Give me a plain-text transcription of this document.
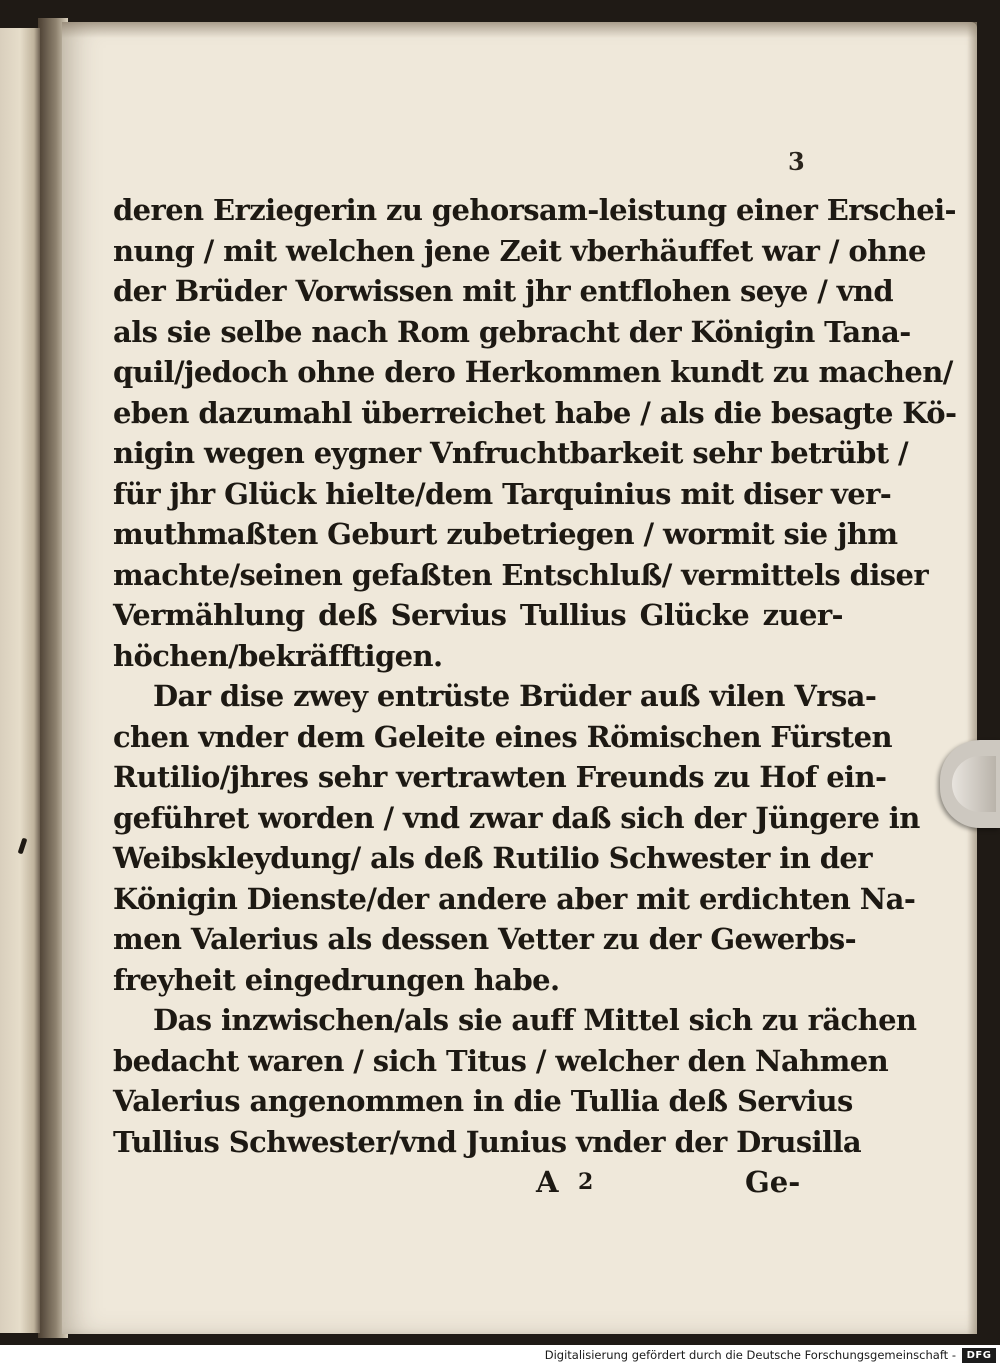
3
deren Erziegerin zu gehorsam-leistung einer Erschei-
nung / mit welchen jene Zeit vberhäuffet war / ohne
der Brüder Vorwissen mit jhr entflohen seye / vnd
als sie selbe nach Rom gebracht der Königin Tana-
quil/jedoch ohne dero Herkommen kundt zu machen/
eben dazumahl überreichet habe / als die besagte Kö-
nigin wegen eygner Vnfruchtbarkeit sehr betrübt /
für jhr Glück hielte/dem Tarquinius mit diser ver-
muthmaßten Geburt zubetriegen / wormit sie jhm
machte/seinen gefaßten Entschluß/ vermittels diser
Vermählung deß Servius Tullius Glücke zuer-
höchen/bekräfftigen.
Dar dise zwey entrüste Brüder auß vilen Vrsa-
chen vnder dem Geleite eines Römischen Fürsten
Rutilio/jhres sehr vertrawten Freunds zu Hof ein-
geführet worden / vnd zwar daß sich der Jüngere in
Weibskleydung/ als deß Rutilio Schwester in der
Königin Dienste/der andere aber mit erdichten Na-
men Valerius als dessen Vetter zu der Gewerbs-
freyheit eingedrungen habe.
Das inzwischen/als sie auff Mittel sich zu rächen
bedacht waren / sich Titus / welcher den Nahmen
Valerius angenommen in die Tullia deß Servius
Tullius Schwester/vnd Junius vnder der Drusilla
A 2	Ge-
Digitalisierung gefördert durch die Deutsche Forschungsgemeinschaft -	DFG
